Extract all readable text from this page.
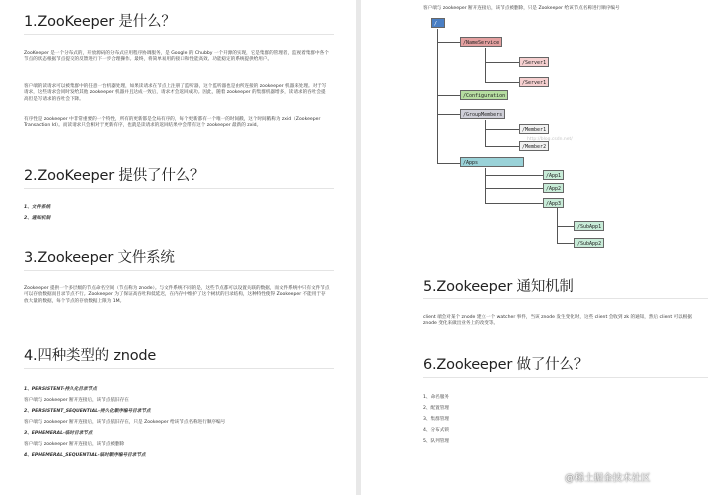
1.ZooKeeper 是什么？
ZooKeeper 是一个分布式的，开放源码的分布式应用程序协调服务，是 Google 的 Chubby 一个开源的实现，它是集群的管理者，监视着集群中各个节点的状态根据节点提交的反馈进行下一步合理操作。最终，将简单易用的接口和性能高效、功能稳定的系统提供给用户。
客户端的读请求可以被集群中的任意一台机器处理，如果读请求在节点上注册了监听器，这个监听器也是由所连接的 zookeeper 机器来处理。对于写请求，这些请求会同时发给其他 zookeeper 机器并且达成一致后，请求才会返回成功。因此，随着 zookeeper 的集群机器增多，读请求的吞吐会提高但是写请求的吞吐会下降。
有序性是 zookeeper 中非常重要的一个特性，所有的更新都是全局有序的，每个更新都有一个唯一的时间戳，这个时间戳称为 zxid（Zookeeper Transaction Id）。而读请求只会相对于更新有序，也就是读请求的返回结果中会带有这个 zookeeper 最新的 zxid。
2.ZooKeeper 提供了什么？
1、文件系统
2、通知机制
3.Zookeeper 文件系统
Zookeeper 提供一个多层级的节点命名空间（节点称为 znode）。与文件系统不同的是，这些节点都可以设置关联的数据，而文件系统中只有文件节点可以存放数据而目录节点不行。Zookeeper 为了保证高吞吐和低延迟，在内存中维护了这个树状的目录结构，这种特性使得 Zookeeper 不能用于存放大量的数据，每个节点的存放数据上限为 1M。
4.四种类型的 znode
1、PERSISTENT-持久化目录节点
客户端与 zookeeper 断开连接后，该节点依旧存在
2、PERSISTENT_SEQUENTIAL-持久化顺序编号目录节点
客户端与 zookeeper 断开连接后，该节点依旧存在，只是 Zookeeper 给该节点名称进行顺序编号
3、EPHEMERAL-临时目录节点
客户端与 zookeeper 断开连接后，该节点被删除
4、EPHEMERAL_SEQUENTIAL-临时顺序编号目录节点
客户端与 zookeeper 断开连接后，该节点被删除，只是 Zookeeper 给该节点名称进行顺序编号
/
/NameService
/Server1
/Server1
/Configuration
/GroupMembers
/Member1
/Member2
/Apps
/App1
/App2
/App3
/SubApp1
/SubApp2
http://blog.csdn.net/
5.Zookeeper 通知机制
client 端会对某个 znode 建立一个 watcher 事件，当该 znode 发生变化时，这些 client 会收到 zk 的通知，然后 client 可以根据 znode 变化来做出业务上的改变等。
6.Zookeeper 做了什么？
1、命名服务
2、配置管理
3、集群管理
4、分布式锁
5、队列管理
@稀土掘金技术社区
